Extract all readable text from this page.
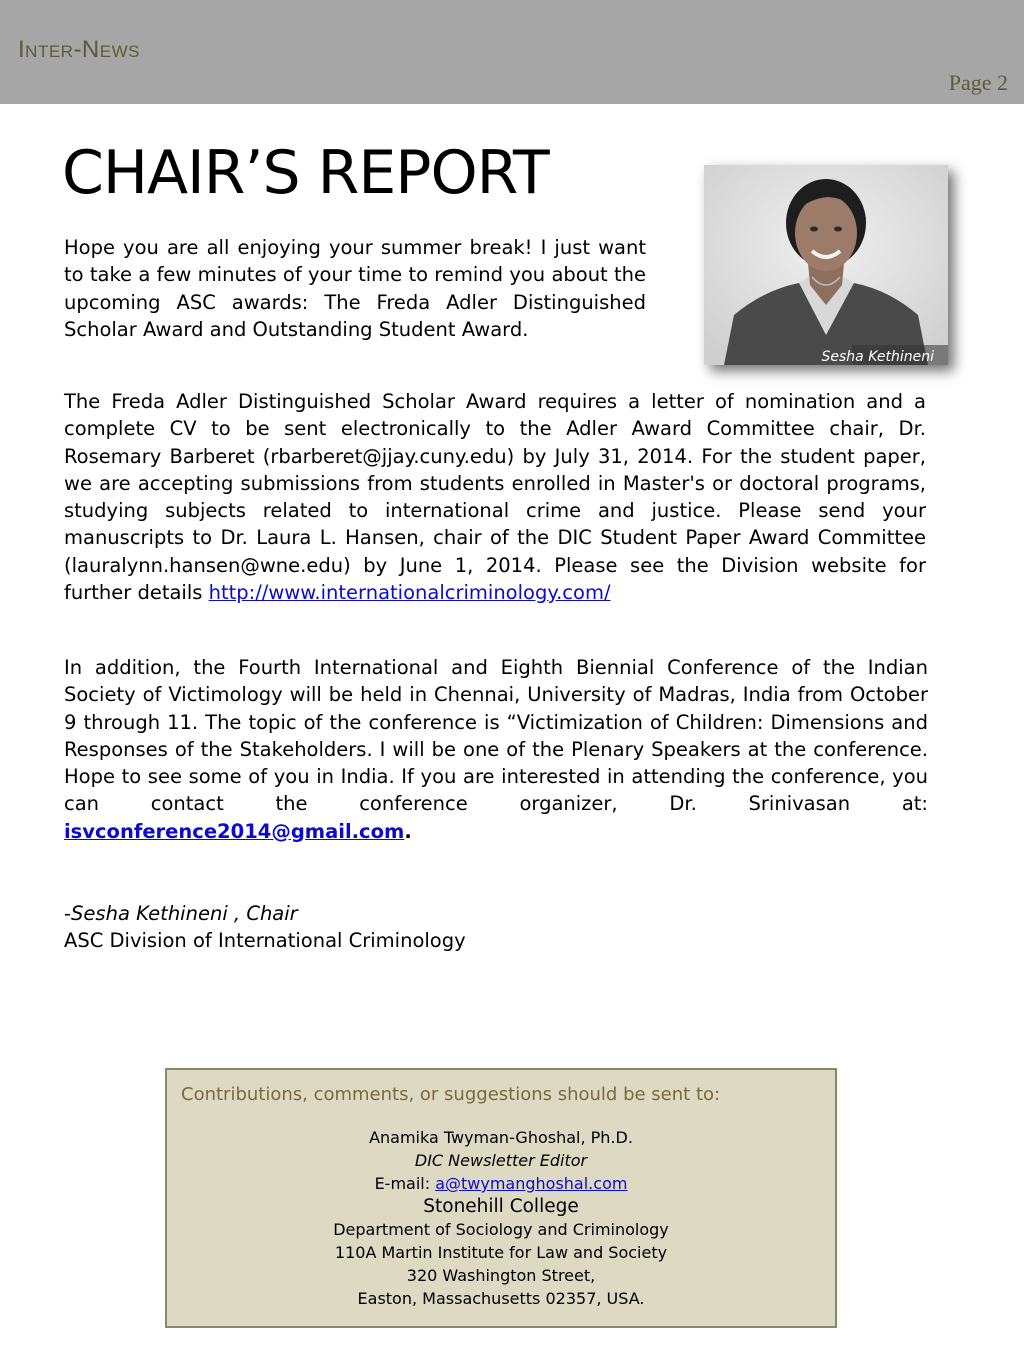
Inter-News
Page 2
CHAIR’S REPORT

Hope you are all enjoying your summer break! I just want to take a few minutes of your time to remind you about the upcoming ASC awards: The Freda Adler Distinguished Scholar Award and Outstanding Student Award.

Sesha Kethineni

The Freda Adler Distinguished Scholar Award requires a letter of nomination and a complete CV to be sent electronically to the Adler Award Committee chair, Dr. Rosemary Barberet (rbarberet@jjay.cuny.edu) by July 31, 2014. For the student paper, we are accepting submissions from students enrolled in Master's or doctoral programs, studying subjects related to international crime and justice. Please send your manuscripts to Dr. Laura L. Hansen, chair of the DIC Student Paper Award Committee (lauralynn.hansen@wne.edu) by June 1, 2014. Please see the Division website for further details http://www.internationalcriminology.com/

In addition, the Fourth International and Eighth Biennial Conference of the Indian Society of Victimology will be held in Chennai, University of Madras, India from October 9 through 11. The topic of the conference is “Victimization of Children: Dimensions and Responses of the Stakeholders. I will be one of the Plenary Speakers at the conference. Hope to see some of you in India. If you are interested in attending the conference, you can contact the conference organizer, Dr. Srinivasan at: isvconference2014@gmail.com.

-Sesha Kethineni , Chair
ASC Division of International Criminology
Contributions, comments, or suggestions should be sent to:
Anamika Twyman-Ghoshal, Ph.D.
DIC Newsletter Editor
E-mail: a@twymanghoshal.com
Stonehill College
Department of Sociology and Criminology
110A Martin Institute for Law and Society
320 Washington Street,
Easton, Massachusetts 02357, USA.
